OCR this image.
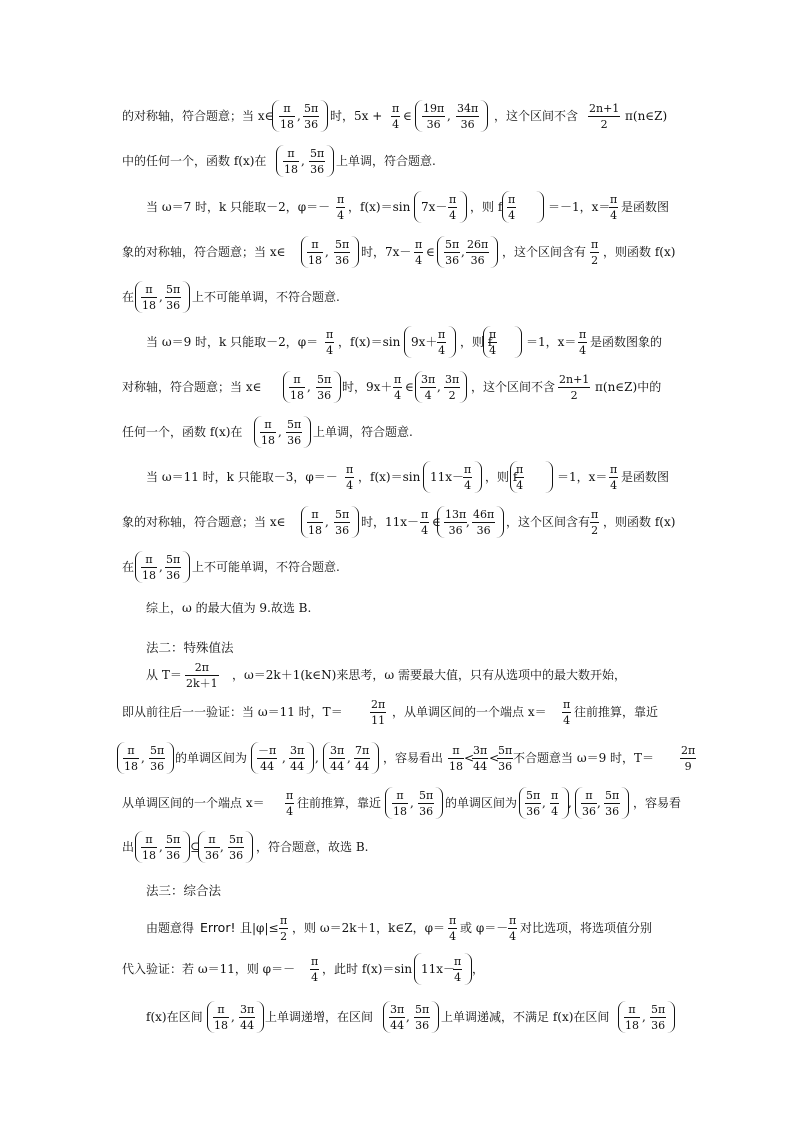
的对称轴，符合题意；当 x∈ $\frac{\pi}{18}$ , $\frac{5\pi}{36}$ 时，$5x + \frac{\pi}{4}$ ∈ $\frac{19\pi}{36}$ , $\frac{34\pi}{36}$ ，这个区间不含 $\frac{2n+1}{2}$ π(n∈Z)
中的任何一个，函数 f(x)在 $\frac{\pi}{18}$ , $\frac{5\pi}{36}$ 上单调，符合题意.
当 ω＝7 时，k 只能取－2，$\varphi=- \frac{\pi}{4}$ ，f(x)＝sin $7x- \frac{\pi}{4}$ ，则 f $\frac{\pi}{4}$	＝－1，x＝
$\frac{\pi}{4}$ 是函数图
象的对称轴，符合题意；当 x∈ $\frac{\pi}{18}$ , $\frac{5\pi}{36}$ 时，$7x- \frac{\pi}{4}$ ∈ $\frac{5\pi}{36}$ , $\frac{26\pi}{36}$ ，这个区间含有 $\frac{\pi}{2}$ ，则函数 f(x)
在 $\frac{\pi}{18}$ , $\frac{5\pi}{36}$ 上不可能单调，不符合题意.
当 ω＝9 时，k 只能取－2，$\varphi= \frac{\pi}{4}$ ，f(x)＝sin $9x+ \frac{\pi}{4}$ ，则 f
$\frac{\pi}{4} =1$，$x= \frac{\pi}{4}$ 是函数图象的
对称轴，符合题意；当 x∈	$\frac{\pi}{18}$ , $\frac{5\pi}{36}$ 时，$9x+ \frac{\pi}{4}$ ∈ $\frac{3\pi}{4}$ , $\frac{3\pi}{2}$ ，这个区间不含 $\frac{2n+1}{2}$ π(n∈Z)中的
任何一个，函数 f(x)在 $\frac{\pi}{18}$ , $\frac{5\pi}{36}$ 上单调，符合题意.
当 ω＝11 时，k 只能取－3，$\varphi=- \frac{\pi}{4}$ ，f(x)＝sin 11x－
$\frac{\pi}{4}$ ，则 f
$\frac{\pi}{4}$	＝1，$x= \frac{\pi}{4}$ 是函数图
象的对称轴，符合题意；当 x∈ $\frac{\pi}{18}$ , $\frac{5\pi}{36}$ 时，$11x- \frac{\pi}{4}$ ∈ $\frac{13\pi}{36}$
, $\frac{46\pi}{36}$ ，这个区间含有 $\frac{\pi}{2}$ ，则函数 f(x)
在 $\frac{\pi}{18}$ , $\frac{5\pi}{36}$ 上不可能单调，不符合题意.
综上，ω 的最大值为 9.故选 B.
法二：特殊值法
从 $T= \frac{2\pi}{2k+1}$ ，ω＝2k＋1(k∈N)来思考，ω 需要最大值，只有从选项中的最大数开始，
即从前往后一一验证：当 ω＝11 时，$T= \frac{2\pi}{11}$ ，从单调区间的一个端点 $x= \frac{\pi}{4}$ 往前推算，靠近
$\frac{\pi}{18}$ , $\frac{5\pi}{36}$ 的单调区间为 $\frac{-\pi}{44}$ , $\frac{3\pi}{44}$ , $\frac{3\pi}{44}$ , $\frac{7\pi}{44}$ ，容易看出 $\frac{\pi}{18}$ <
$\frac{3\pi}{44}$ <
$\frac{5\pi}{36}$ 不合题意当 ω＝9 时，$T= \frac{2\pi}{9}$
从单调区间的一个端点 $x= \frac{\pi}{4}$ 往前推算，靠近 $\frac{\pi}{18}$ , $\frac{5\pi}{36}$ 的单调区间为 $\frac{5\pi}{36}$ , $\frac{\pi}{4}$ , $\frac{\pi}{36}$ , $\frac{5\pi}{36}$ ，容易看
出 $\frac{\pi}{18}$ , $\frac{5\pi}{36}$ ⊆ $\frac{\pi}{36}$ , $\frac{5\pi}{36}$ ，符合题意，故选 B.
法三：综合法
由题意得 Error! 且$|\varphi|\le \frac{\pi}{2}$ ，则 ω＝2k＋1，k∈Z，$\varphi= \frac{\pi}{4}$ 或 $\varphi=- \frac{\pi}{4}$ 对比选项，将选项值分别
代入验证：若 ω＝11，则 $\varphi=- \frac{\pi}{4}$ ，此时 f(x)＝sin 11x－
$\frac{\pi}{4}$ ，
f(x)在区间 $\frac{\pi}{18}$ , $\frac{3\pi}{44}$ 上单调递增，在区间 $\frac{3\pi}{44}$ , $\frac{5\pi}{36}$ 上单调递减，不满足 f(x)在区间 $\frac{\pi}{18}$ , $\frac{5\pi}{36}$
